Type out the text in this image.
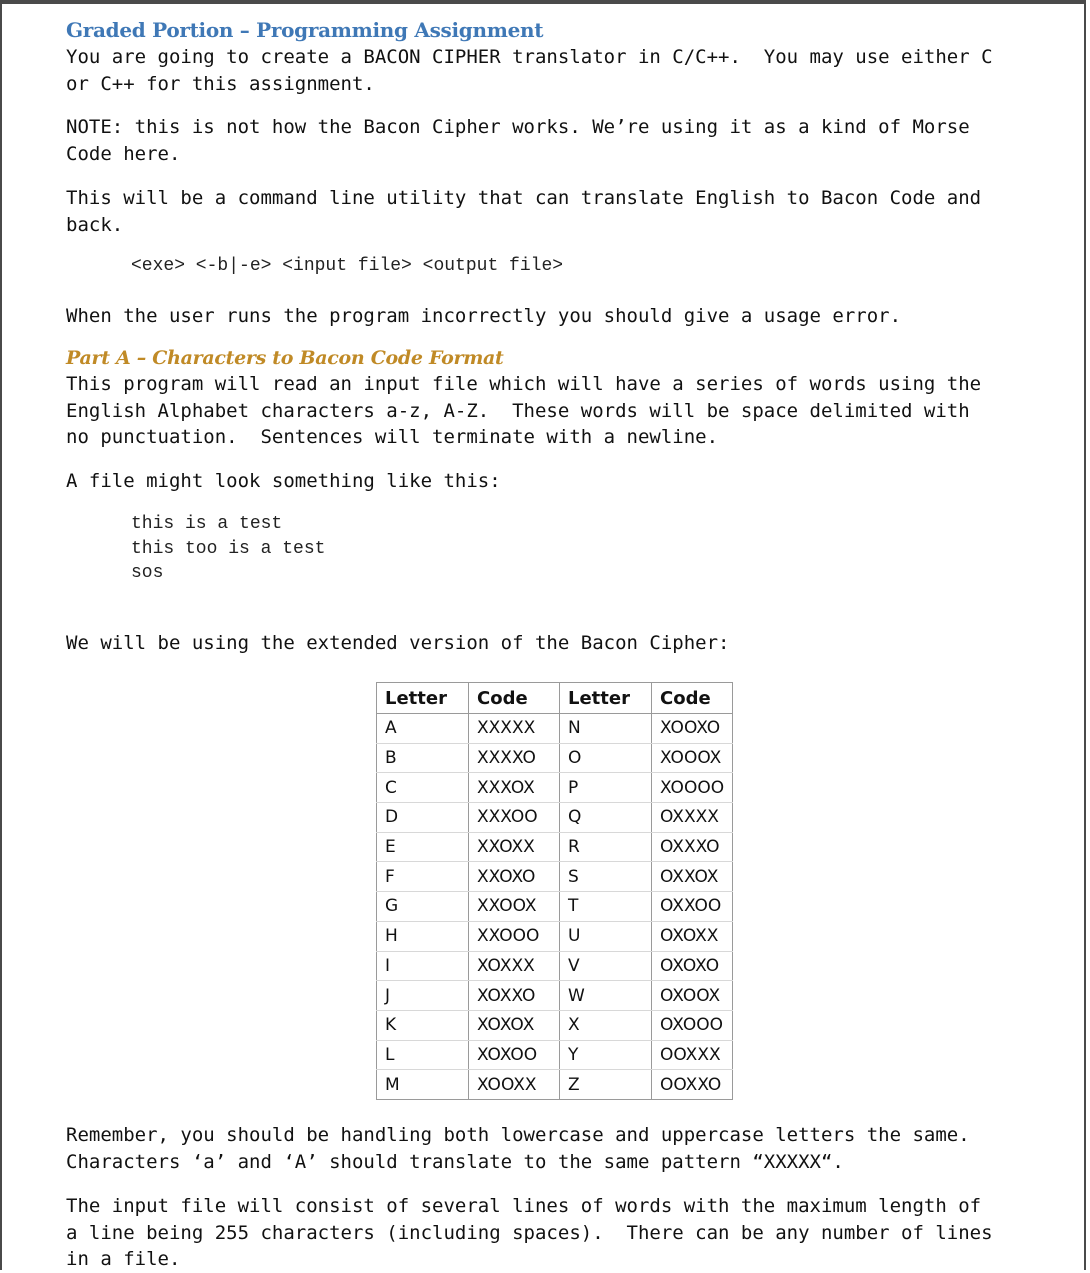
Graded Portion – Programming Assignment

You are going to create a BACON CIPHER translator in C/C++.  You may use either C
or C++ for this assignment.

NOTE: this is not how the Bacon Cipher works. We’re using it as a kind of Morse
Code here.

This will be a command line utility that can translate English to Bacon Code and
back.

<exe> <-b|-e> <input file> <output file>

When the user runs the program incorrectly you should give a usage error.

Part A – Characters to Bacon Code Format

This program will read an input file which will have a series of words using the
English Alphabet characters a-z, A-Z.  These words will be space delimited with
no punctuation.  Sentences will terminate with a newline.

A file might look something like this:

this is a test

this too is a test

sos

We will be using the extended version of the Bacon Cipher:

Letter	Code	Letter	Code
A	XXXXX	N	XOOXO
B	XXXXO	O	XOOOX
C	XXXOX	P	XOOOO
D	XXXOO	Q	OXXXX
E	XXOXX	R	OXXXO
F	XXOXO	S	OXXOX
G	XXOOX	T	OXXOO
H	XXOOO	U	OXOXX
I	XOXXX	V	OXOXO
J	XOXXO	W	OXOOX
K	XOXOX	X	OXOOO
L	XOXOO	Y	OOXXX
M	XOOXX	Z	OOXXO

Remember, you should be handling both lowercase and uppercase letters the same.
Characters ‘a’ and ‘A’ should translate to the same pattern “XXXXX“.

The input file will consist of several lines of words with the maximum length of
a line being 255 characters (including spaces).  There can be any number of lines
in a file.
